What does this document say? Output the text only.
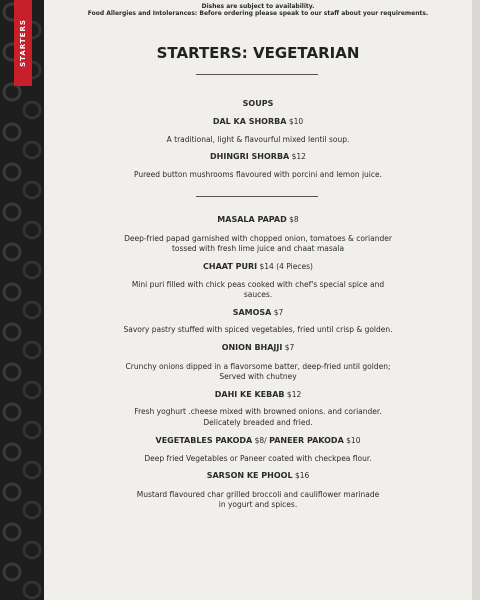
STARTERS
Dishes are subject to availability.
Food Allergies and Intolerances: Before ordering please speak to our staff about your requirements.
STARTERS: VEGETARIAN
SOUPS
DAL KA SHORBA $10
A traditional, light & flavourful mixed lentil soup.
DHINGRI SHORBA $12
Pureed button mushrooms flavoured with porcini and lemon juice.
MASALA PAPAD $8
Deep-fried papad garnished with chopped onion, tomatoes & coriander
tossed with fresh lime juice and chaat masala
CHAAT PURI $14 (4 Pieces)
Mini puri filled with chick peas cooked with chef's special spice and
sauces.
SAMOSA $7
Savory pastry stuffed with spiced vegetables, fried until crisp & golden.
ONION BHAJJI $7
Crunchy onions dipped in a flavorsome batter, deep-fried until golden;
Served with chutney
DAHI KE KEBAB $12
Fresh yoghurt .cheese mixed with browned onions. and coriander.
Delicately breaded and fried.
VEGETABLES PAKODA $8/ PANEER PAKODA $10
Deep fried Vegetables or Paneer coated with checkpea flour.
SARSON KE PHOOL $16
Mustard flavoured char grilled broccoli and cauliflower marinade
in yogurt and spices.
